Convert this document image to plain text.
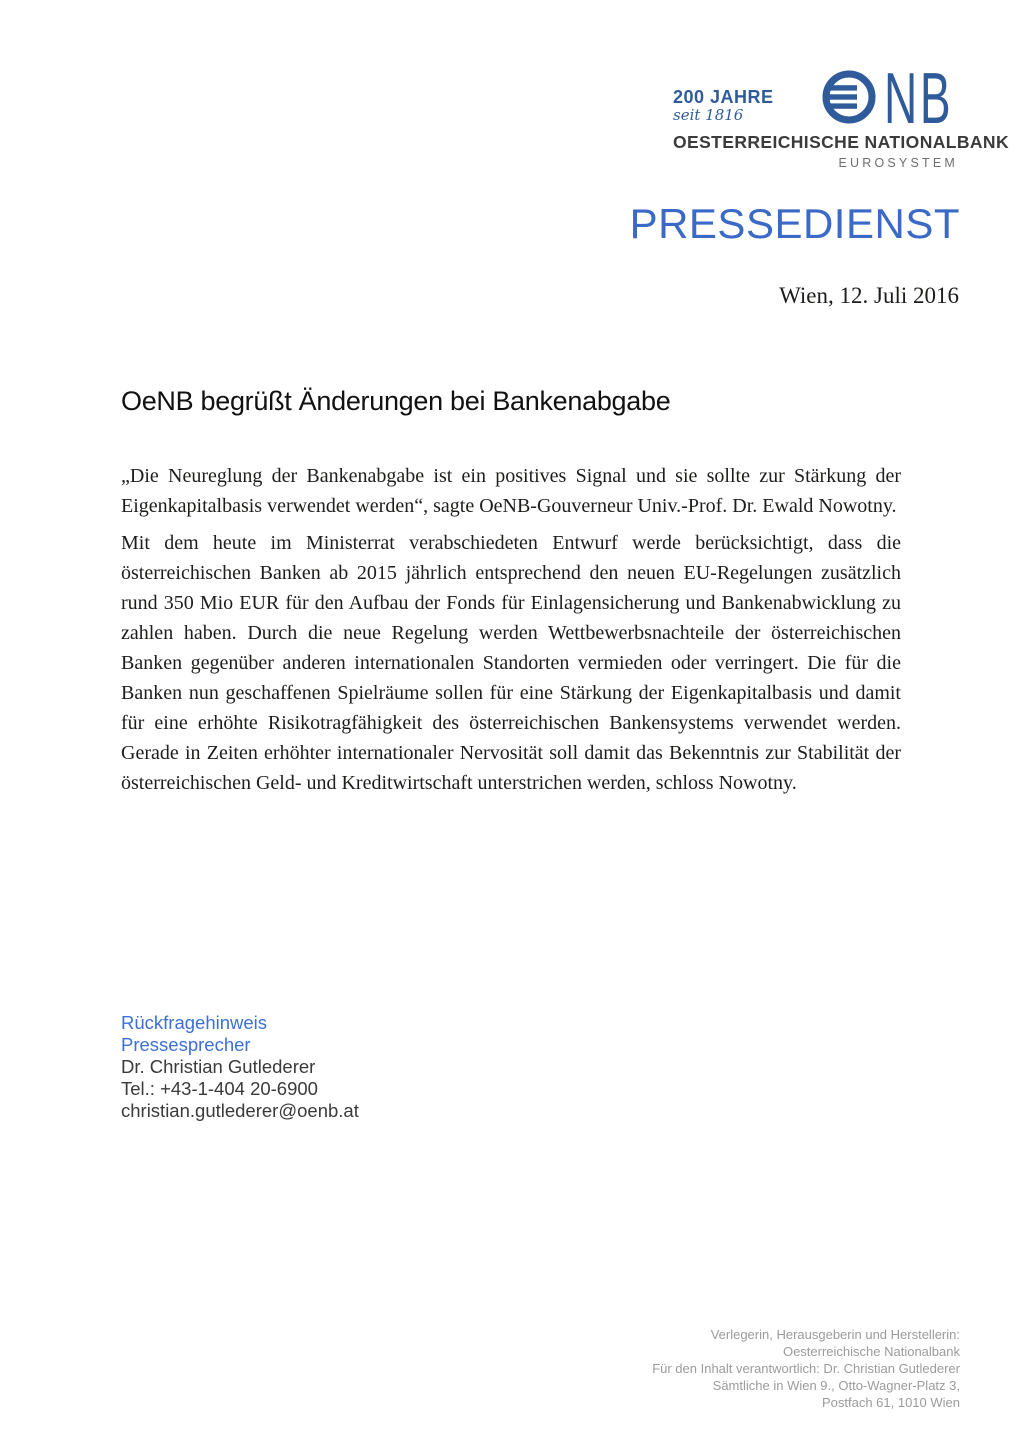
200 JAHRE
seit 1816	NB
OESTERREICHISCHE NATIONALBANK
EUROSYSTEM
PRESSEDIENST
Wien, 12. Juli 2016
OeNB begrüßt Änderungen bei Bankenabgabe

„Die Neureglung der Bankenabgabe ist ein positives Signal und sie sollte zur Stärkung der Eigenkapitalbasis verwendet werden“, sagte OeNB-Gouverneur Univ.-Prof. Dr. Ewald Nowotny.

Mit dem heute im Ministerrat verabschiedeten Entwurf werde berücksichtigt, dass die österreichischen Banken ab 2015 jährlich entsprechend den neuen EU-Regelungen zusätzlich rund 350 Mio EUR für den Aufbau der Fonds für Einlagensicherung und Bankenabwicklung zu zahlen haben. Durch die neue Regelung werden Wettbewerbsnachteile der österreichischen Banken gegenüber anderen internationalen Standorten vermieden oder verringert. Die für die Banken nun geschaffenen Spielräume sollen für eine Stärkung der Eigenkapitalbasis und damit für eine erhöhte Risikotragfähigkeit des österreichischen Bankensystems verwendet werden. Gerade in Zeiten erhöhter internationaler Nervosität soll damit das Bekenntnis zur Stabilität der österreichischen Geld- und Kreditwirtschaft unterstrichen werden, schloss Nowotny.

Rückfragehinweis
Pressesprecher
Dr. Christian Gutlederer
Tel.: +43-1-404 20-6900
christian.gutlederer@oenb.at
Verlegerin, Herausgeberin und Herstellerin:
Oesterreichische Nationalbank
Für den Inhalt verantwortlich: Dr. Christian Gutlederer
Sämtliche in Wien 9., Otto-Wagner-Platz 3,
Postfach 61, 1010 Wien
